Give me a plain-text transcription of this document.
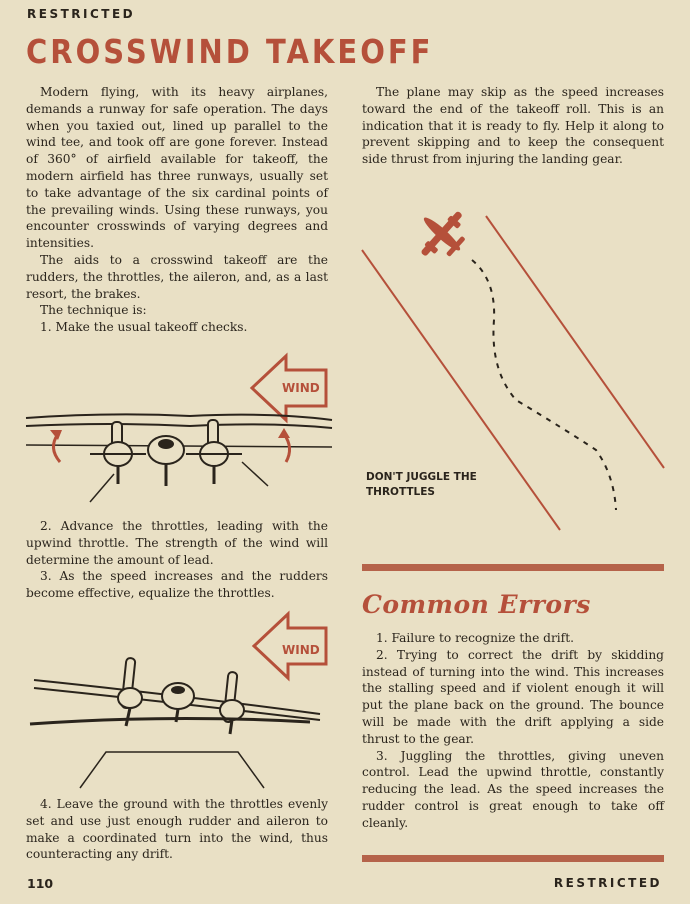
RESTRICTED
CROSSWIND TAKEOFF

Modern flying, with its heavy airplanes, demands a runway for safe operation. The days when you taxied out, lined up parallel to the wind tee, and took off are gone forever. Instead of 360° of airfield available for takeoff, the modern airfield has three runways, usually set to take advantage of the six cardinal points of the prevailing winds. Using these runways, you encounter crosswinds of varying degrees and intensities.

The aids to a crosswind takeoff are the rudders, the throttles, the aileron, and, as a last resort, the brakes.

The technique is:

1. Make the usual takeoff checks.

WIND

2. Advance the throttles, leading with the upwind throttle. The strength of the wind will determine the amount of lead.

3. As the speed increases and the rudders become effective, equalize the throttles.

WIND

4. Leave the ground with the throttles evenly set and use just enough rudder and aileron to make a coordinated turn into the wind, thus counteracting any drift.

The plane may skip as the speed increases toward the end of the takeoff roll. This is an indication that it is ready to fly. Help it along to prevent skipping and to keep the consequent side thrust from injuring the landing gear.

DON'T JUGGLE THE
THROTTLES
Common Errors

1. Failure to recognize the drift.

2. Trying to correct the drift by skidding instead of turning into the wind. This increases the stalling speed and if violent enough it will put the plane back on the ground. The bounce will be made with the drift applying a side thrust to the gear.

3. Juggling the throttles, giving uneven control. Lead the upwind throttle, constantly reducing the lead. As the speed increases the rudder control is great enough to take off cleanly.

110	RESTRICTED
